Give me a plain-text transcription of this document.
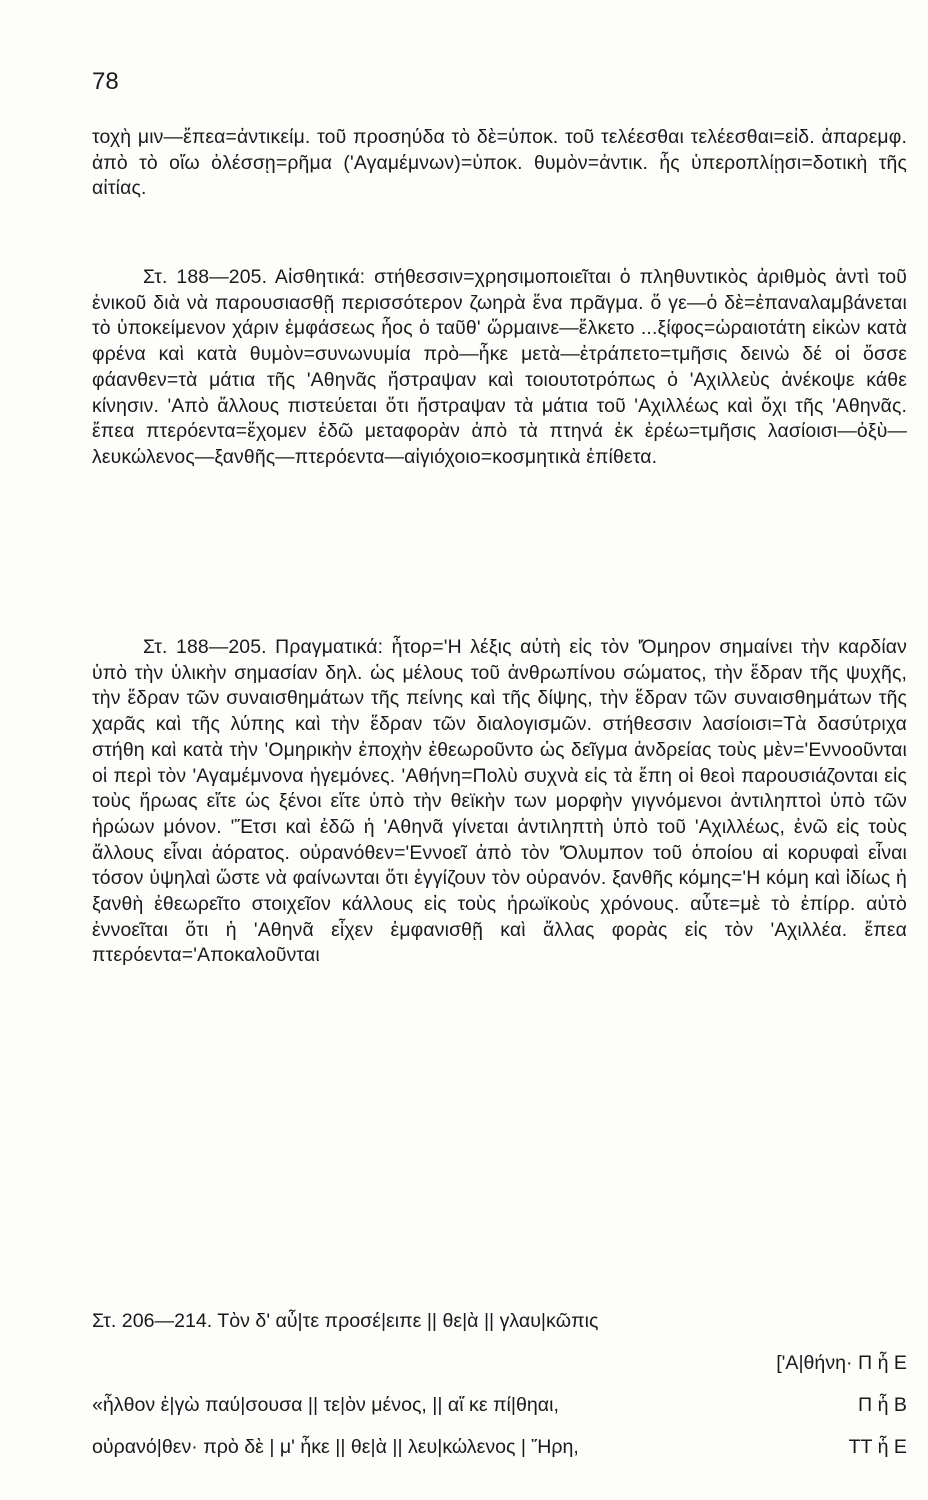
78

τοχὴ μιν—ἔπεα=ἀντικείμ. τοῦ προσηύδα τὸ δὲ=ὑποκ. τοῦ τελέεσθαι τελέεσθαι=εἰδ. ἀπαρεμφ. ἀπὸ τὸ οἴω ὀλέσσῃ=ρῆμα ('Αγαμέμνων)=ὑποκ. θυμὸν=ἀντικ. ἧς ὑπεροπλίῃσι=δοτικὴ τῆς αἰτίας.

Στ. 188—205. Αἰσθητικά: στήθεσσιν=χρησιμοποιεῖται ὁ πληθυντικὸς ἀριθμὸς ἀντὶ τοῦ ἑνικοῦ διὰ νὰ παρουσιασθῇ περισσότερον ζωηρὰ ἕνα πρᾶγμα. ὅ γε—ὁ δὲ=ἐπαναλαμβάνεται τὸ ὑποκείμενον χάριν ἐμφάσεως ἧος ὁ ταῦθ' ὥρμαινε—ἕλκετο ...ξίφος=ὡραιοτάτη εἰκὼν κατὰ φρένα καὶ κατὰ θυμὸν=συνωνυμία πρὸ—ἧκε μετὰ—ἐτράπετο=τμῆσις δεινὼ δέ οἱ ὄσσε φάανθεν=τὰ μάτια τῆς 'Αθηνᾶς ἤστραψαν καὶ τοιουτοτρόπως ὁ 'Αχιλλεὺς ἀνέκοψε κάθε κίνησιν. 'Απὸ ἄλλους πιστεύεται ὅτι ἤστραψαν τὰ μάτια τοῦ 'Αχιλλέως καὶ ὄχι τῆς 'Αθηνᾶς. ἔπεα πτερόεντα=ἔχομεν ἐδῶ μεταφορὰν ἀπὸ τὰ πτηνά ἐκ ἐρέω=τμῆσις λασίοισι—ὀξὺ—λευκώλενος—ξανθῆς—πτερόεντα—αἰγιόχοιο=κοσμητικὰ ἐπίθετα.

Στ. 188—205. Πραγματικά: ἦτορ='Η λέξις αὐτὴ εἰς τὸν 'Όμηρον σημαίνει τὴν καρδίαν ὑπὸ τὴν ὑλικὴν σημασίαν δηλ. ὡς μέλους τοῦ ἀνθρωπίνου σώματος, τὴν ἕδραν τῆς ψυχῆς, τὴν ἕδραν τῶν συναισθημάτων τῆς πείνης καὶ τῆς δίψης, τὴν ἕδραν τῶν συναισθημάτων τῆς χαρᾶς καὶ τῆς λύπης καὶ τὴν ἕδραν τῶν διαλογισμῶν. στήθεσσιν λασίοισι=Τὰ δασύτριχα στήθη καὶ κατὰ τὴν 'Ομηρικὴν ἐποχὴν ἐθεωροῦντο ὡς δεῖγμα ἀνδρείας τοὺς μὲν='Εννοοῦνται οἱ περὶ τὸν 'Αγαμέμνονα ἡγεμόνες. 'Αθήνη=Πολὺ συχνὰ εἰς τὰ ἔπη οἱ θεοὶ παρουσιάζονται εἰς τοὺς ἥρωας εἴτε ὡς ξένοι εἴτε ὑπὸ τὴν θεϊκὴν των μορφὴν γιγνόμενοι ἀντιληπτοὶ ὑπὸ τῶν ἡρώων μόνον. 'Ἔτσι καὶ ἐδῶ ἡ 'Αθηνᾶ γίνεται ἀντιληπτὴ ὑπὸ τοῦ 'Αχιλλέως, ἐνῶ εἰς τοὺς ἄλλους εἶναι ἀόρατος. οὐρανόθεν='Εννοεῖ ἀπὸ τὸν 'Όλυμπον τοῦ ὁποίου αἱ κορυφαὶ εἶναι τόσον ὑψηλαὶ ὥστε νὰ φαίνωνται ὅτι ἐγγίζουν τὸν οὐρανόν. ξανθῆς κόμης='Η κόμη καὶ ἰδίως ἡ ξανθὴ ἐθεωρεῖτο στοιχεῖον κάλλους εἰς τοὺς ἡρωϊκοὺς χρόνους. αὖτε=μὲ τὸ ἐπίρρ. αὐτὸ ἐννοεῖται ὅτι ἡ 'Αθηνᾶ εἶχεν ἐμφανισθῇ καὶ ἄλλας φορὰς εἰς τὸν 'Αχιλλέα. ἔπεα πτερόεντα='Αποκαλοῦνται

Στ. 206—214. Τὸν δ' αὖ|τε προσέ|ειπε || θε|ὰ || γλαυ|κῶπις
['Α|θήνη· Π ἧ Ε
«ἦλθον ἐ|γὼ παύ|σουσα || τε|ὸν μένος, || αἴ κε πί|θηαι,	Π ἧ Β
οὐρανό|θεν· πρὸ δὲ | μ' ἧκε || θε|ὰ || λευ|κώλενος | Ἥρη,	ΤΤ ἧ Ε
